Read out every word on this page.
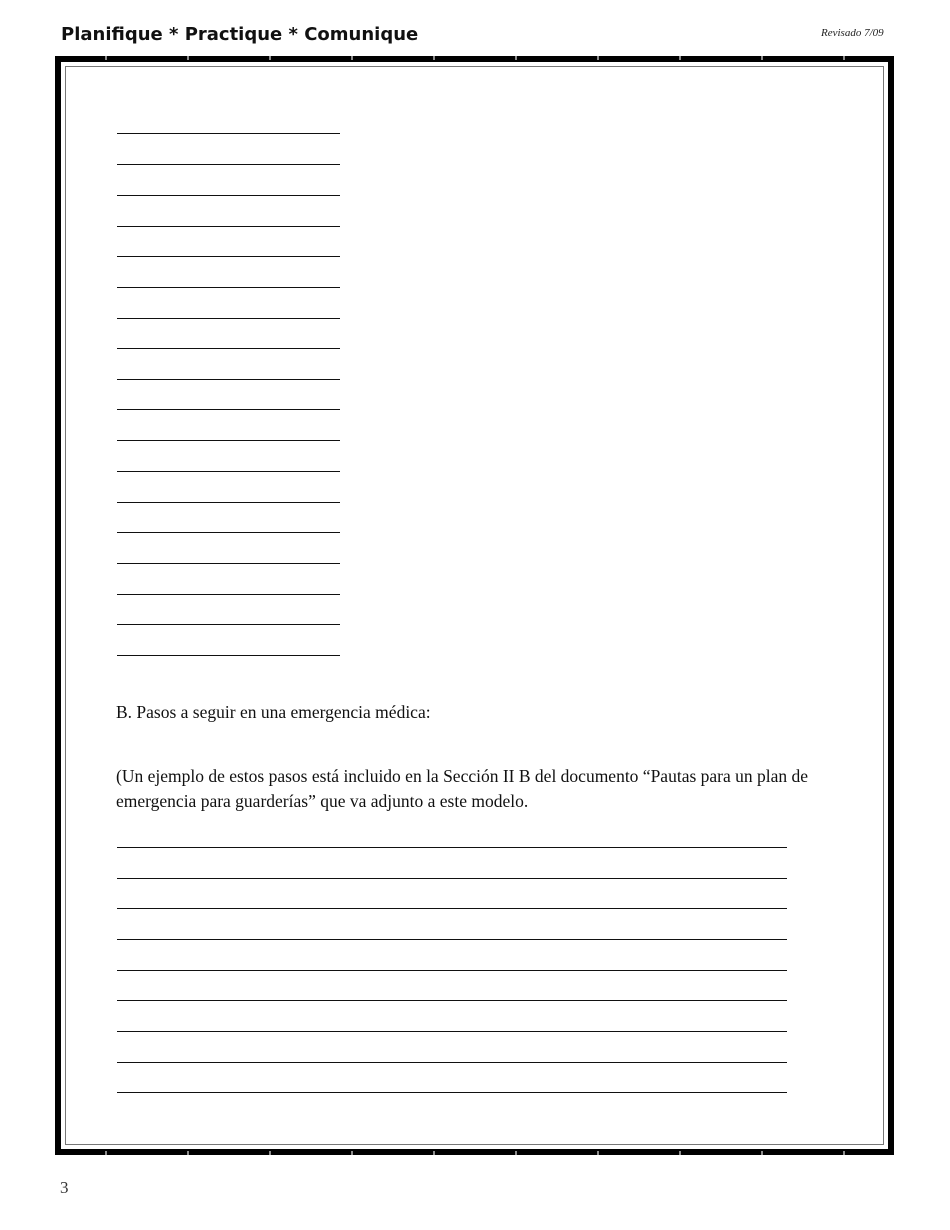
Planifique * Practique * Comunique	Revisado 7/09
B. Pasos a seguir en una emergencia médica:
(Un ejemplo de estos pasos está incluido en la Sección II B del documento “Pautas para un plan de emergencia para guarderías” que va adjunto a este modelo.
3
